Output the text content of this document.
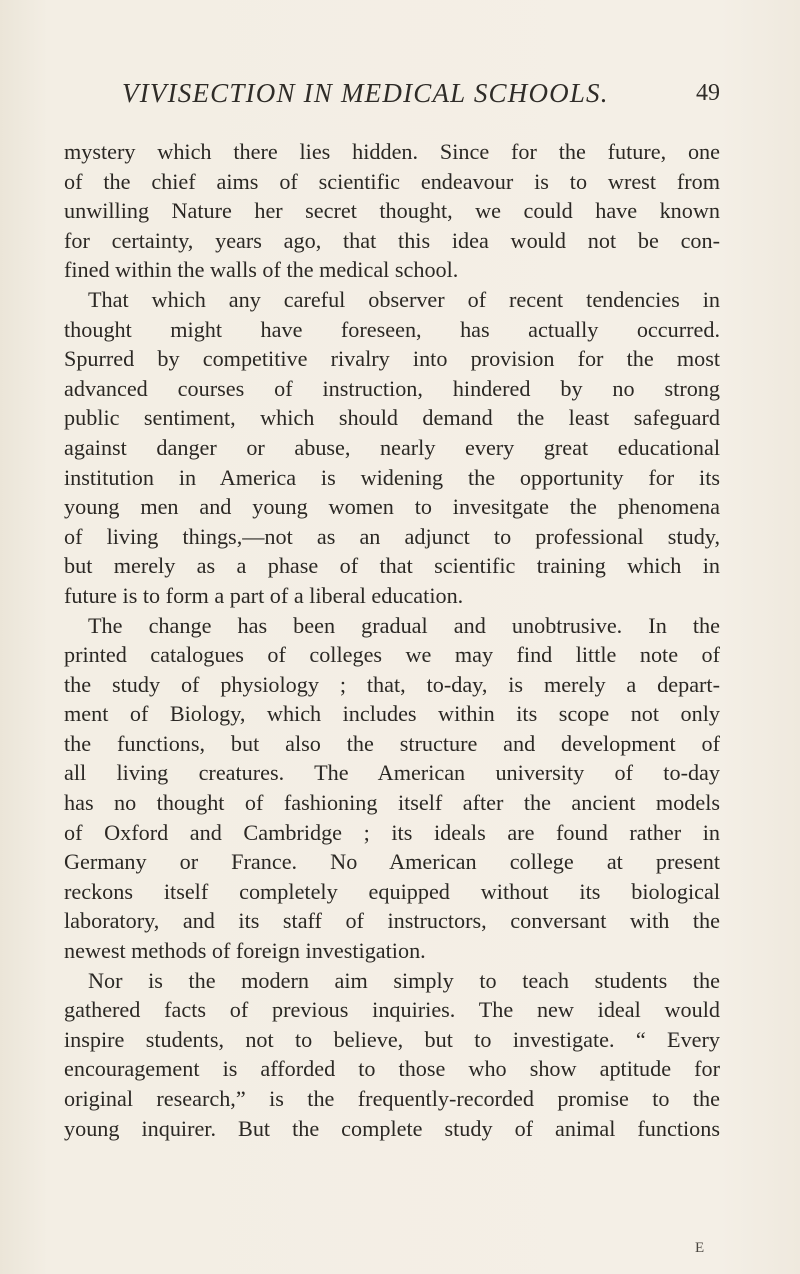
VIVISECTION IN MEDICAL SCHOOLS.	49
mystery which there lies hidden. Since for the future, one
of the chief aims of scientific endeavour is to wrest from
unwilling Nature her secret thought, we could have known
for certainty, years ago, that this idea would not be con-
fined within the walls of the medical school.
That which any careful observer of recent tendencies in
thought might have foreseen, has actually occurred.
Spurred by competitive rivalry into provision for the most
advanced courses of instruction, hindered by no strong
public sentiment, which should demand the least safeguard
against danger or abuse, nearly every great educational
institution in America is widening the opportunity for its
young men and young women to invesitgate the phenomena
of living things,—not as an adjunct to professional study,
but merely as a phase of that scientific training which in
future is to form a part of a liberal education.
The change has been gradual and unobtrusive. In the
printed catalogues of colleges we may find little note of
the study of physiology ; that, to-day, is merely a depart-
ment of Biology, which includes within its scope not only
the functions, but also the structure and development of
all living creatures. The American university of to-day
has no thought of fashioning itself after the ancient models
of Oxford and Cambridge ; its ideals are found rather in
Germany or France. No American college at present
reckons itself completely equipped without its biological
laboratory, and its staff of instructors, conversant with the
newest methods of foreign investigation.
Nor is the modern aim simply to teach students the
gathered facts of previous inquiries. The new ideal would
inspire students, not to believe, but to investigate. “ Every
encouragement is afforded to those who show aptitude for
original research,” is the frequently-recorded promise to the
young inquirer. But the complete study of animal functions
E
